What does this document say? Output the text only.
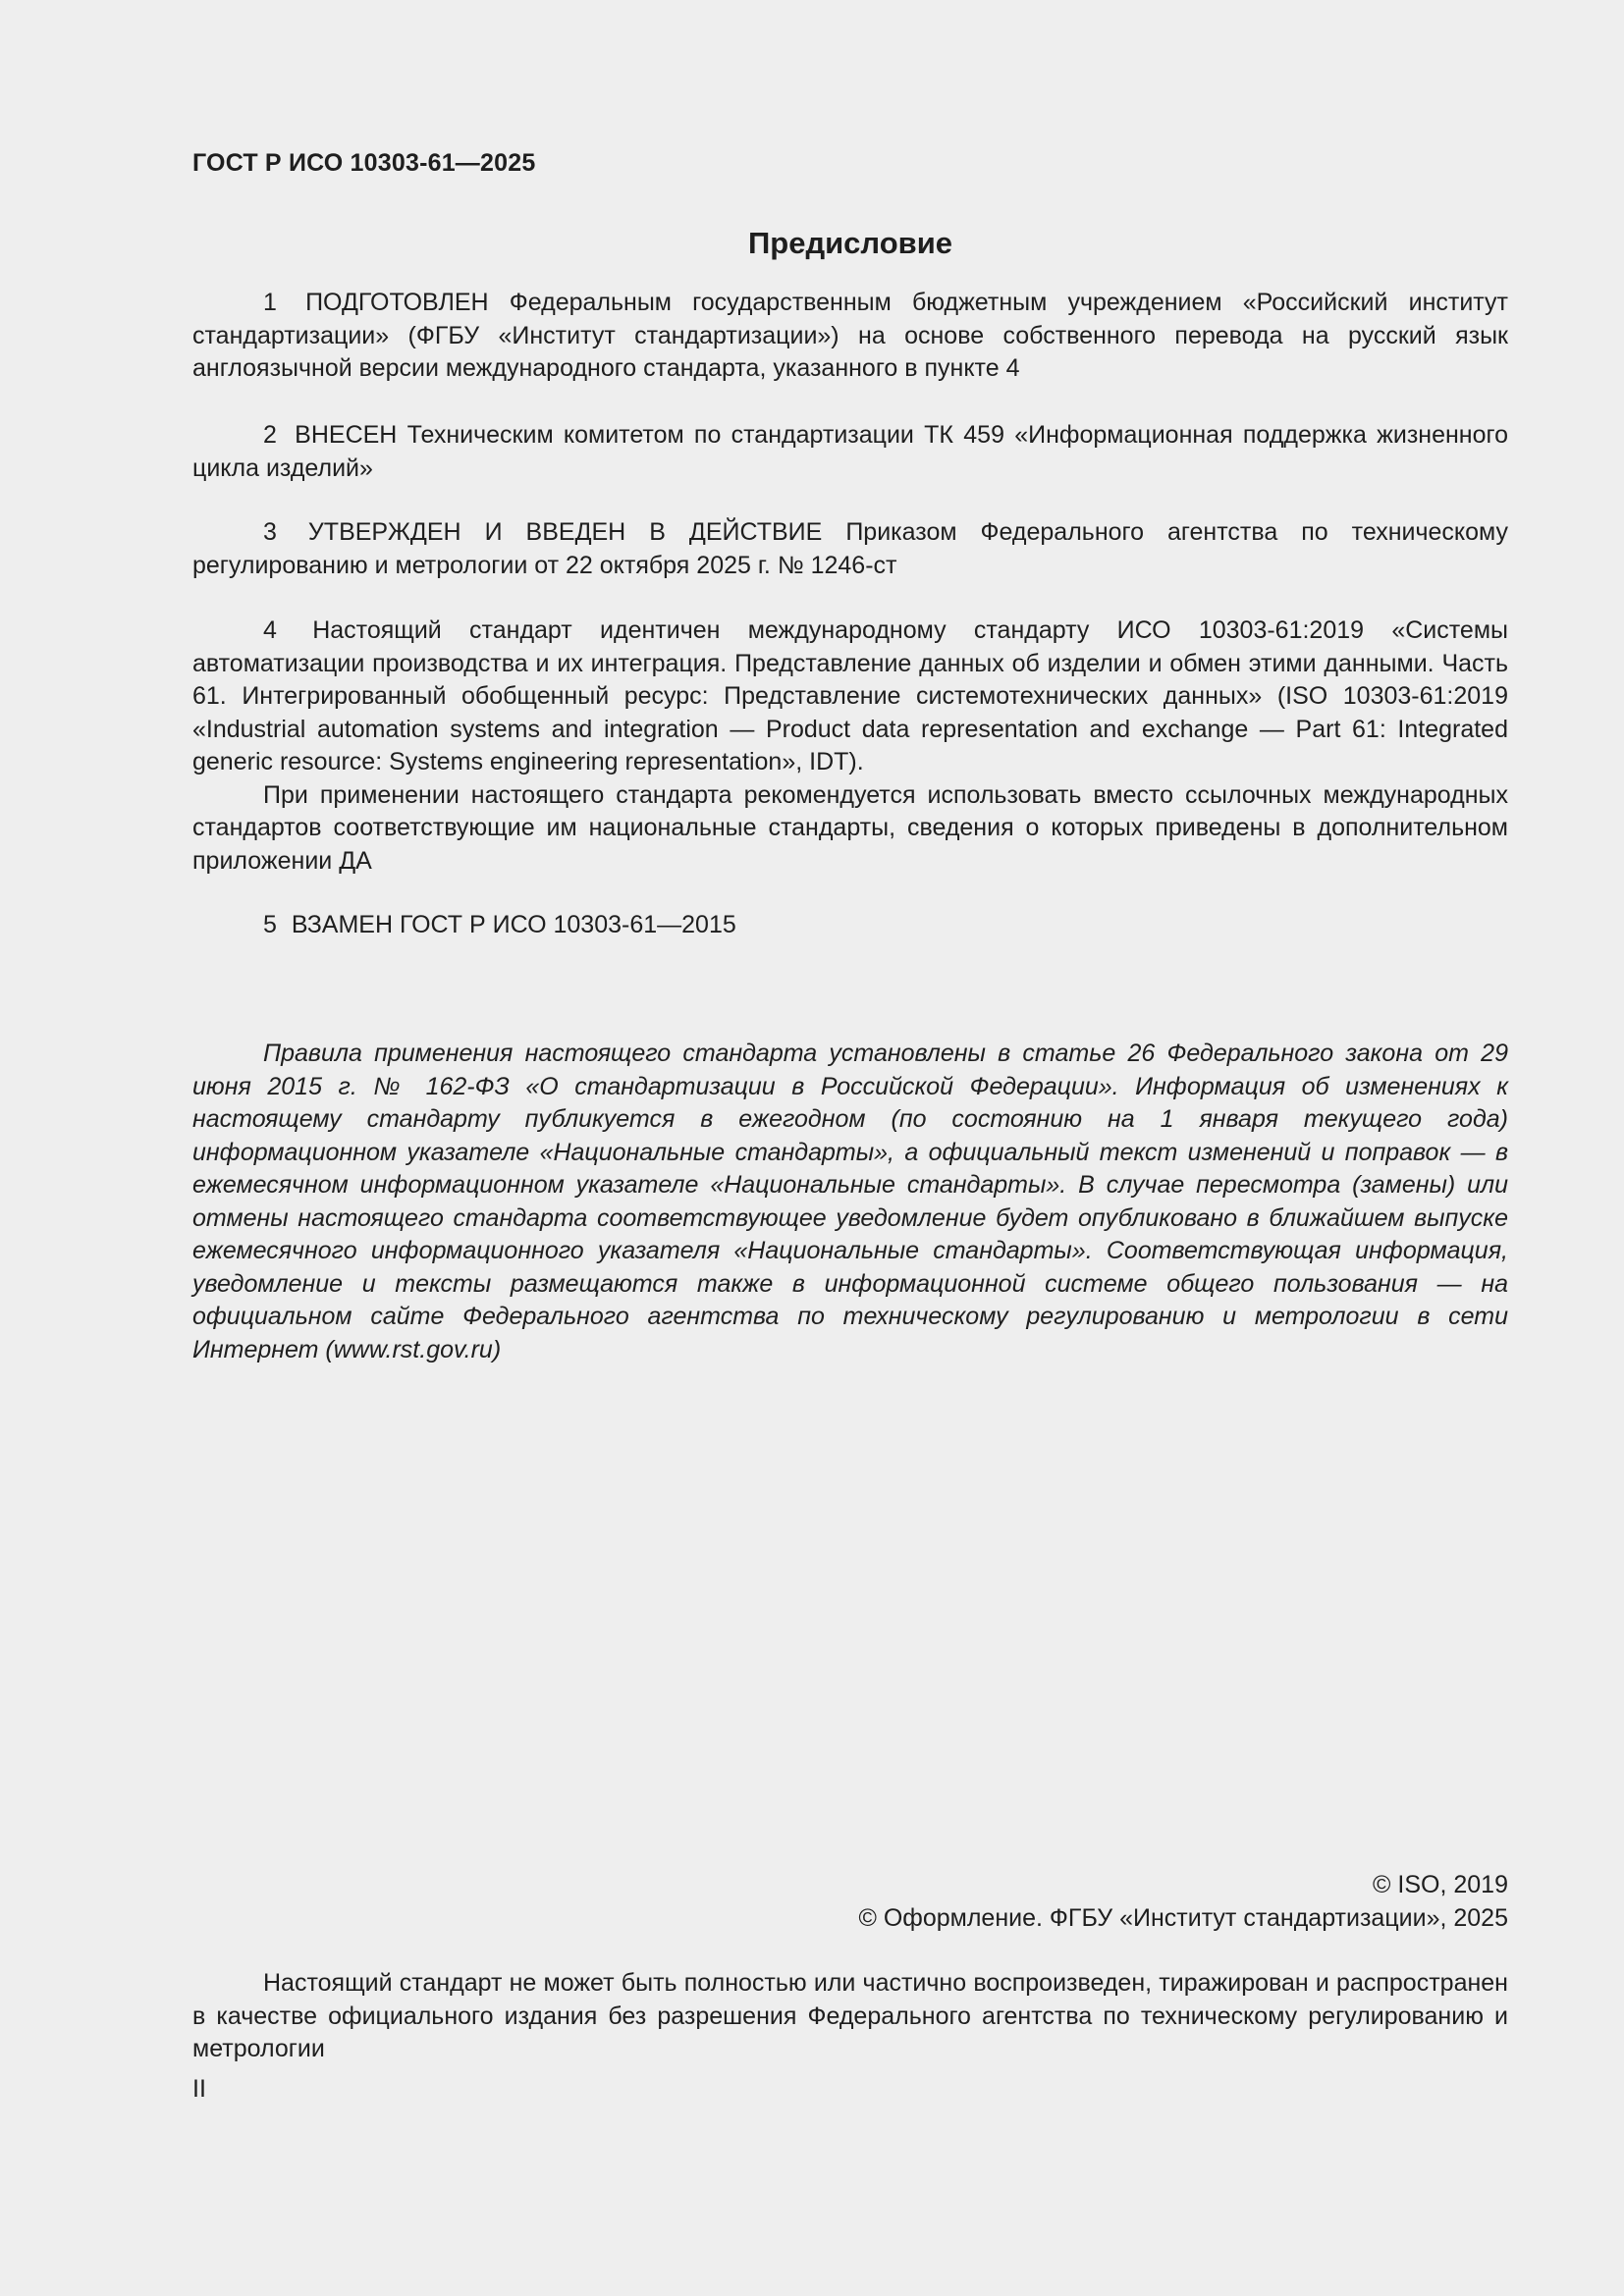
ГОСТ Р ИСО 10303-61—2025
Предисловие

1 ПОДГОТОВЛЕН Федеральным государственным бюджетным учреждением «Российский институт стандартизации» (ФГБУ «Институт стандартизации») на основе собственного перевода на русский язык англоязычной версии международного стандарта, указанного в пункте 4

2 ВНЕСЕН Техническим комитетом по стандартизации ТК 459 «Информационная поддержка жизненного цикла изделий»

3 УТВЕРЖДЕН И ВВЕДЕН В ДЕЙСТВИЕ Приказом Федерального агентства по техническому регулированию и метрологии от 22 октября 2025 г. № 1246-ст

4 Настоящий стандарт идентичен международному стандарту ИСО 10303-61:2019 «Системы автоматизации производства и их интеграция. Представление данных об изделии и обмен этими данными. Часть 61. Интегрированный обобщенный ресурс: Представление системотехнических данных» (ISO 10303-61:2019 «Industrial automation systems and integration — Product data representation and exchange — Part 61: Integrated generic resource: Systems engineering representation», IDT).

При применении настоящего стандарта рекомендуется использовать вместо ссылочных международных стандартов соответствующие им национальные стандарты, сведения о которых приведены в дополнительном приложении ДА

5 ВЗАМЕН ГОСТ Р ИСО 10303-61—2015

Правила применения настоящего стандарта установлены в статье 26 Федерального закона от 29 июня 2015 г. № 162-ФЗ «О стандартизации в Российской Федерации». Информация об изменениях к настоящему стандарту публикуется в ежегодном (по состоянию на 1 января текущего года) информационном указателе «Национальные стандарты», а официальный текст изменений и поправок — в ежемесячном информационном указателе «Национальные стандарты». В случае пересмотра (замены) или отмены настоящего стандарта соответствующее уведомление будет опубликовано в ближайшем выпуске ежемесячного информационного указателя «Национальные стандарты». Соответствующая информация, уведомление и тексты размещаются также в информационной системе общего пользования — на официальном сайте Федерального агентства по техническому регулированию и метрологии в сети Интернет (www.rst.gov.ru)

© ISO, 2019
© Оформление. ФГБУ «Институт стандартизации», 2025

Настоящий стандарт не может быть полностью или частично воспроизведен, тиражирован и распространен в качестве официального издания без разрешения Федерального агентства по техническому регулированию и метрологии

II
